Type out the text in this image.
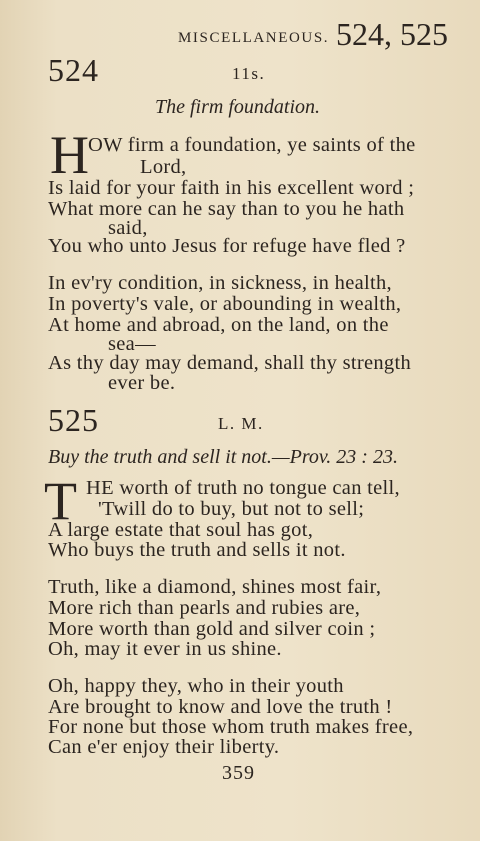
MISCELLANEOUS. 524, 525
524	11s.
The firm foundation.
H OW firm a foundation, ye saints of the
Lord,
Is laid for your faith in his excellent word ;
What more can he say than to you he hath
said,
You who unto Jesus for refuge have fled ?
In ev'ry condition, in sickness, in health,
In poverty's vale, or abounding in wealth,
At home and abroad, on the land, on the
sea—
As thy day may demand, shall thy strength
ever be.
525	L. M.
Buy the truth and sell it not.—Prov. 23 : 23.
T HE worth of truth no tongue can tell,
'Twill do to buy, but not to sell;
A large estate that soul has got,
Who buys the truth and sells it not.
Truth, like a diamond, shines most fair,
More rich than pearls and rubies are,
More worth than gold and silver coin ;
Oh, may it ever in us shine.
Oh, happy they, who in their youth
Are brought to know and love the truth !
For none but those whom truth makes free,
Can e'er enjoy their liberty.
359
